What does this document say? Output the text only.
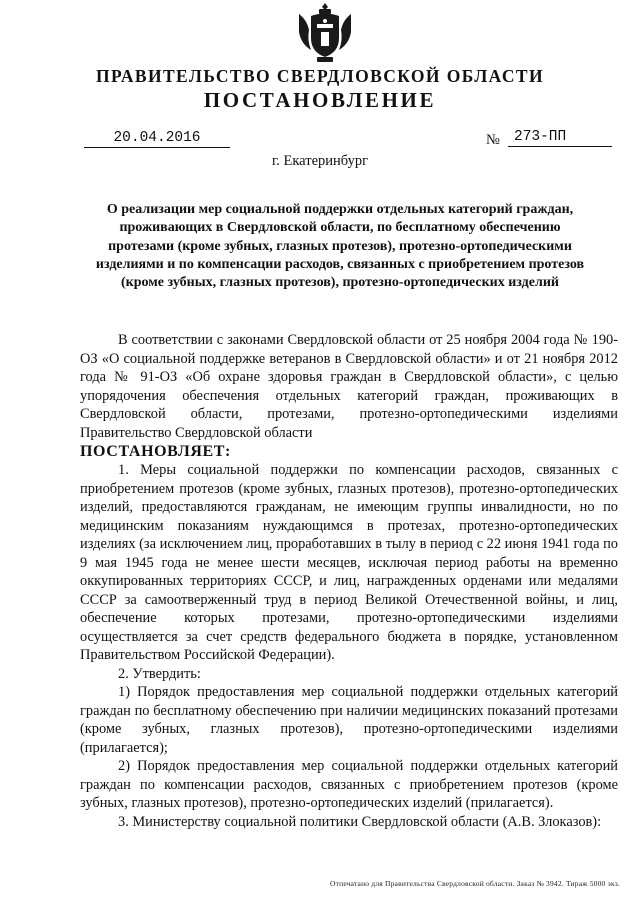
ПРАВИТЕЛЬСТВО СВЕРДЛОВСКОЙ ОБЛАСТИ
ПОСТАНОВЛЕНИЕ
20.04.2016	№ 273-ПП
г. Екатеринбург
О реализации мер социальной поддержки отдельных категорий граждан, проживающих в Свердловской области, по бесплатному обеспечению протезами (кроме зубных, глазных протезов), протезно-ортопедическими изделиями и по компенсации расходов, связанных с приобретением протезов (кроме зубных, глазных протезов), протезно-ортопедических изделий

В соответствии с законами Свердловской области от 25 ноября 2004 года № 190-ОЗ «О социальной поддержке ветеранов в Свердловской области» и от 21 ноября 2012 года № 91-ОЗ «Об охране здоровья граждан в Свердловской области», с целью упорядочения обеспечения отдельных категорий граждан, проживающих в Свердловской области, протезами, протезно-ортопедическими изделиями Правительство Свердловской области

ПОСТАНОВЛЯЕТ:

1. Меры социальной поддержки по компенсации расходов, связанных с приобретением протезов (кроме зубных, глазных протезов), протезно-ортопедических изделий, предоставляются гражданам, не имеющим группы инвалидности, но по медицинским показаниям нуждающимся в протезах, протезно-ортопедических изделиях (за исключением лиц, проработавших в тылу в период с 22 июня 1941 года по 9 мая 1945 года не менее шести месяцев, исключая период работы на временно оккупированных территориях СССР, и лиц, награжденных орденами или медалями СССР за самоотверженный труд в период Великой Отечественной войны, и лиц, обеспечение которых протезами, протезно-ортопедическими изделиями осуществляется за счет средств федерального бюджета в порядке, установленном Правительством Российской Федерации).

2. Утвердить:

1) Порядок предоставления мер социальной поддержки отдельных категорий граждан по бесплатному обеспечению при наличии медицинских показаний протезами (кроме зубных, глазных протезов), протезно-ортопедическими изделиями (прилагается);

2) Порядок предоставления мер социальной поддержки отдельных категорий граждан по компенсации расходов, связанных с приобретением протезов (кроме зубных, глазных протезов), протезно-ортопедических изделий (прилагается).

3. Министерству социальной политики Свердловской области (А.В. Злоказов):

Отпечатано для Правительства Свердловской области. Заказ № 3942. Тираж 5000 экз.
